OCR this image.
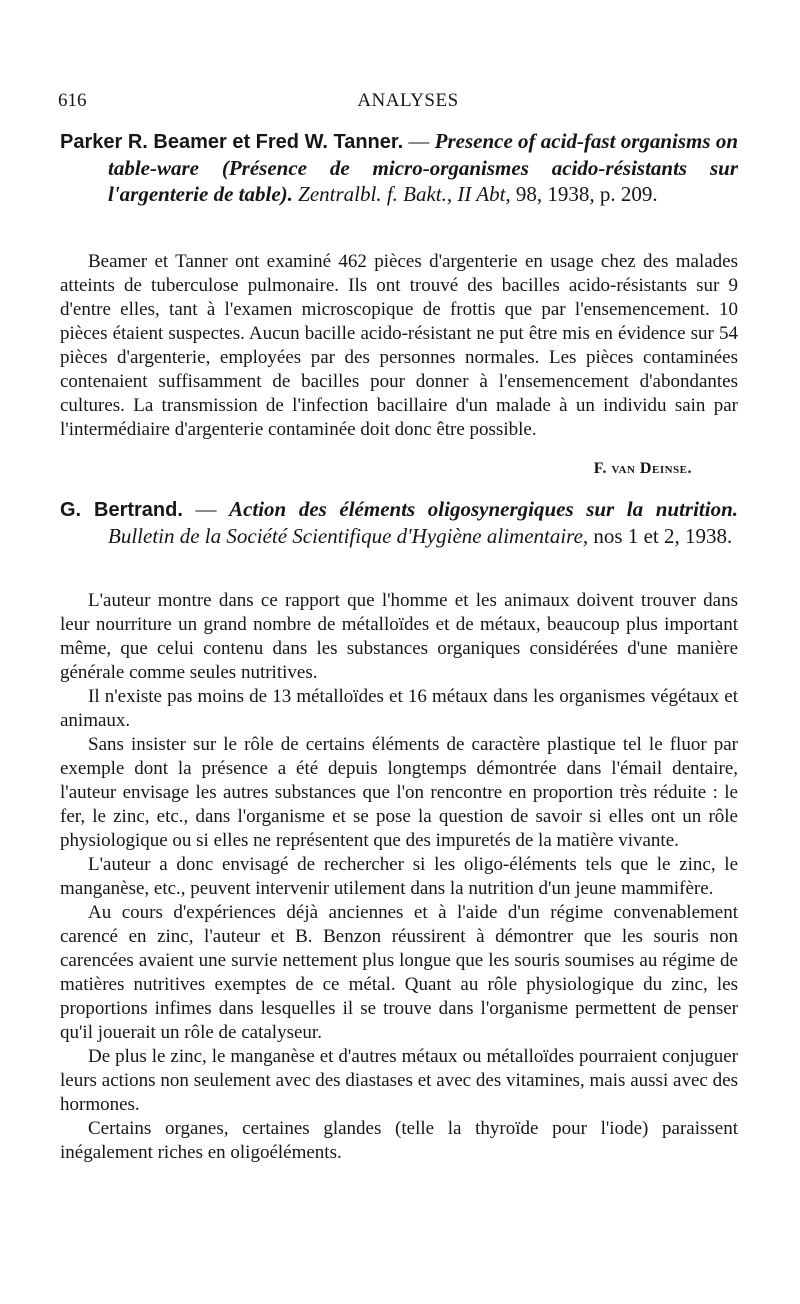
616	ANALYSES
Parker R. Beamer et Fred W. Tanner. — Presence of acid-fast organisms on table-ware (Présence de micro-organismes acido-résistants sur l'argenterie de table). Zentralbl. f. Bakt., II Abt, 98, 1938, p. 209.

Beamer et Tanner ont examiné 462 pièces d'argenterie en usage chez des malades atteints de tuberculose pulmonaire. Ils ont trouvé des bacilles acido-résistants sur 9 d'entre elles, tant à l'examen microscopique de frottis que par l'ensemencement. 10 pièces étaient suspectes. Aucun bacille acido-résistant ne put être mis en évidence sur 54 pièces d'argenterie, employées par des personnes normales. Les pièces contaminées contenaient suffisamment de bacilles pour donner à l'ensemencement d'abondantes cultures. La transmission de l'infection bacillaire d'un malade à un individu sain par l'intermédiaire d'argenterie contaminée doit donc être possible.

F. van Deinse.
G. Bertrand. — Action des éléments oligosynergiques sur la nutrition. Bulletin de la Société Scientifique d'Hygiène alimentaire, nos 1 et 2, 1938.

L'auteur montre dans ce rapport que l'homme et les animaux doivent trouver dans leur nourriture un grand nombre de métalloïdes et de métaux, beaucoup plus important même, que celui contenu dans les substances organiques considérées d'une manière générale comme seules nutritives.

Il n'existe pas moins de 13 métalloïdes et 16 métaux dans les organismes végétaux et animaux.

Sans insister sur le rôle de certains éléments de caractère plastique tel le fluor par exemple dont la présence a été depuis longtemps démontrée dans l'émail dentaire, l'auteur envisage les autres substances que l'on rencontre en proportion très réduite : le fer, le zinc, etc., dans l'organisme et se pose la question de savoir si elles ont un rôle physiologique ou si elles ne représentent que des impuretés de la matière vivante.

L'auteur a donc envisagé de rechercher si les oligo-éléments tels que le zinc, le manganèse, etc., peuvent intervenir utilement dans la nutrition d'un jeune mammifère.

Au cours d'expériences déjà anciennes et à l'aide d'un régime convenablement carencé en zinc, l'auteur et B. Benzon réussirent à démontrer que les souris non carencées avaient une survie nettement plus longue que les souris soumises au régime de matières nutritives exemptes de ce métal. Quant au rôle physiologique du zinc, les proportions infimes dans lesquelles il se trouve dans l'organisme permettent de penser qu'il jouerait un rôle de catalyseur.

De plus le zinc, le manganèse et d'autres métaux ou métalloïdes pourraient conjuguer leurs actions non seulement avec des diastases et avec des vitamines, mais aussi avec des hormones.

Certains organes, certaines glandes (telle la thyroïde pour l'iode) paraissent inégalement riches en oligoéléments.
